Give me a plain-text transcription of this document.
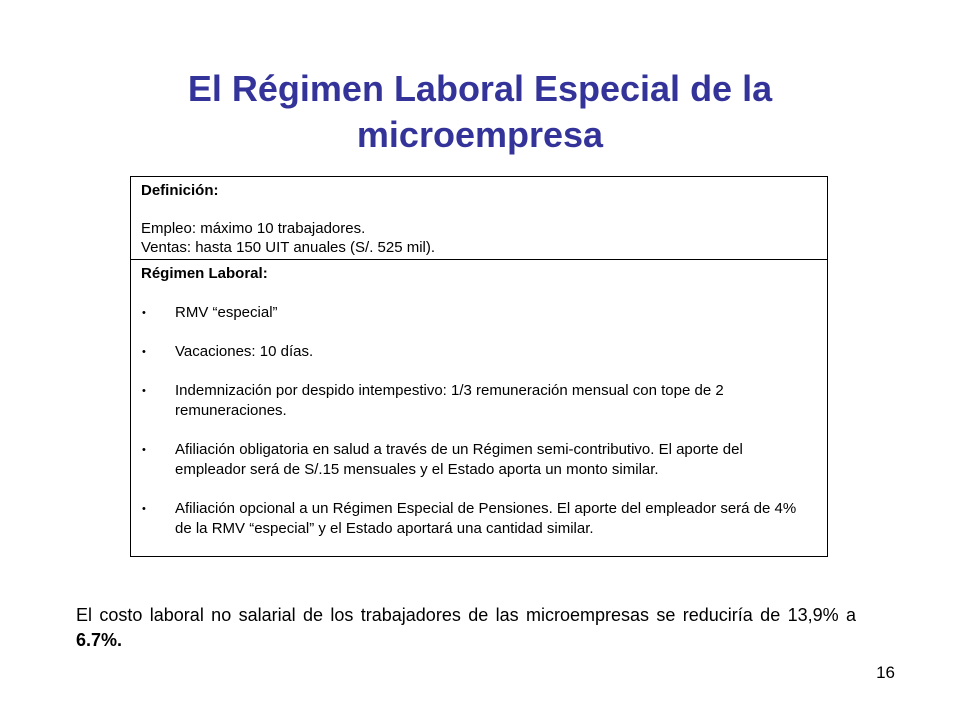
El Régimen Laboral Especial de la
microempresa
Definición:
Empleo: máximo 10 trabajadores.
Ventas: hasta 150 UIT anuales (S/. 525 mil).
Régimen Laboral:
• RMV “especial”
• Vacaciones: 10 días.
• Indemnización por despido intempestivo: 1/3 remuneración mensual con tope de 2 remuneraciones.
• Afiliación obligatoria en salud a través de un Régimen semi-contributivo. El aporte del empleador será de S/.15 mensuales y el Estado aporta un monto similar.
• Afiliación opcional a un Régimen Especial de Pensiones. El aporte del empleador será de 4% de la RMV “especial” y el Estado aportará una cantidad similar.
El costo laboral no salarial de los trabajadores de las microempresas se reduciría de 13,9% a 6.7%.
16
